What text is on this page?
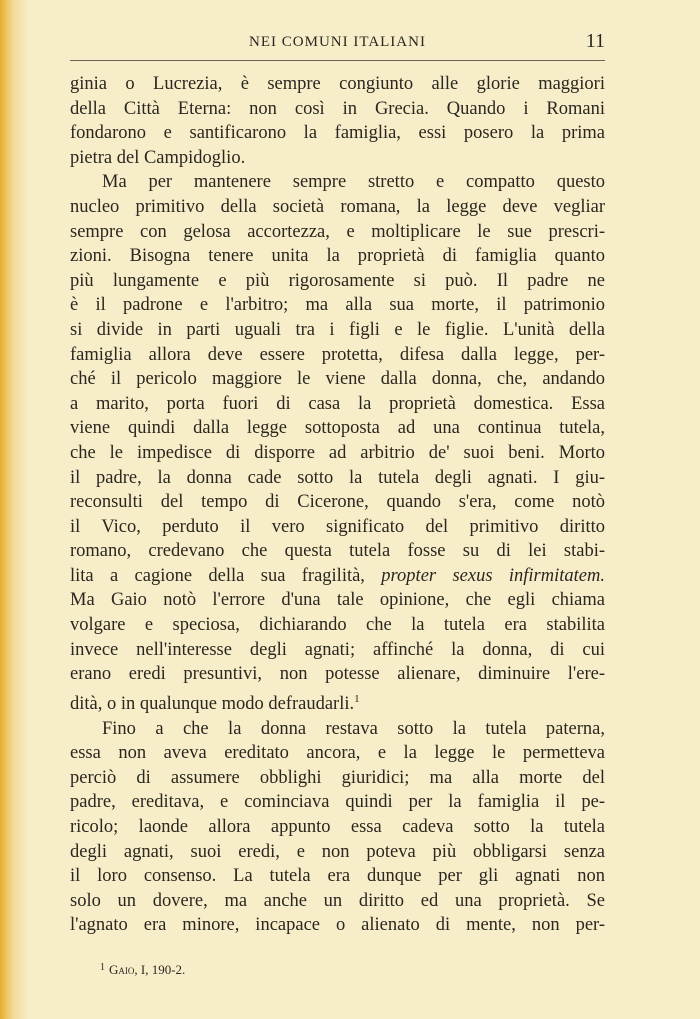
NEI COMUNI ITALIANI	11
ginia o Lucrezia, è sempre congiunto alle glorie maggiori
della Città Eterna: non così in Grecia. Quando i Romani
fondarono e santificarono la famiglia, essi posero la prima
pietra del Campidoglio.
Ma per mantenere sempre stretto e compatto questo
nucleo primitivo della società romana, la legge deve vegliar
sempre con gelosa accortezza, e moltiplicare le sue prescri-
zioni. Bisogna tenere unita la proprietà di famiglia quanto
più lungamente e più rigorosamente si può. Il padre ne
è il padrone e l'arbitro; ma alla sua morte, il patrimonio
si divide in parti uguali tra i figli e le figlie. L'unità della
famiglia allora deve essere protetta, difesa dalla legge, per-
ché il pericolo maggiore le viene dalla donna, che, andando
a marito, porta fuori di casa la proprietà domestica. Essa
viene quindi dalla legge sottoposta ad una continua tutela,
che le impedisce di disporre ad arbitrio de' suoi beni. Morto
il padre, la donna cade sotto la tutela degli agnati. I giu-
reconsulti del tempo di Cicerone, quando s'era, come notò
il Vico, perduto il vero significato del primitivo diritto
romano, credevano che questa tutela fosse su di lei stabi-
lita a cagione della sua fragilità, propter sexus infirmitatem.
Ma Gaio notò l'errore d'una tale opinione, che egli chiama
volgare e speciosa, dichiarando che la tutela era stabilita
invece nell'interesse degli agnati; affinché la donna, di cui
erano eredi presuntivi, non potesse alienare, diminuire l'ere-
dità, o in qualunque modo defraudarli.$^1$
Fino a che la donna restava sotto la tutela paterna,
essa non aveva ereditato ancora, e la legge le permetteva
perciò di assumere obblighi giuridici; ma alla morte del
padre, ereditava, e cominciava quindi per la famiglia il pe-
ricolo; laonde allora appunto essa cadeva sotto la tutela
degli agnati, suoi eredi, e non poteva più obbligarsi senza
il loro consenso. La tutela era dunque per gli agnati non
solo un dovere, ma anche un diritto ed una proprietà. Se
l'agnato era minore, incapace o alienato di mente, non per-
$^1$ Gaio, I, 190-2.
